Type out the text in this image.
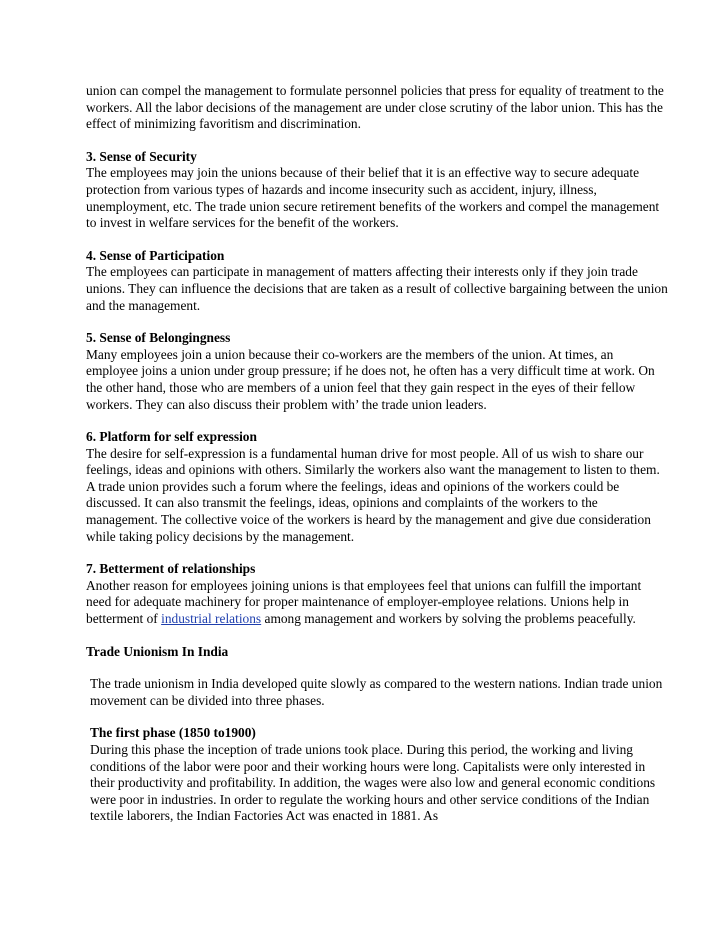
union can compel the management to formulate personnel policies that press for equality of treatment to the workers. All the labor decisions of the management are under close scrutiny of the labor union. This has the effect of minimizing favoritism and discrimination.

3. Sense of Security

The employees may join the unions because of their belief that it is an effective way to secure adequate protection from various types of hazards and income insecurity such as accident, injury, illness, unemployment, etc. The trade union secure retirement benefits of the workers and compel the management to invest in welfare services for the benefit of the workers.

4. Sense of Participation

The employees can participate in management of matters affecting their interests only if they join trade unions. They can influence the decisions that are taken as a result of collective bargaining between the union and the management.

5. Sense of Belongingness

Many employees join a union because their co-workers are the members of the union. At times, an employee joins a union under group pressure; if he does not, he often has a very difficult time at work. On the other hand, those who are members of a union feel that they gain respect in the eyes of their fellow workers. They can also discuss their problem with’ the trade union leaders.

6. Platform for self expression

The desire for self-expression is a fundamental human drive for most people. All of us wish to share our feelings, ideas and opinions with others. Similarly the workers also want the management to listen to them. A trade union provides such a forum where the feelings, ideas and opinions of the workers could be discussed. It can also transmit the feelings, ideas, opinions and complaints of the workers to the management. The collective voice of the workers is heard by the management and give due consideration while taking policy decisions by the management.

7. Betterment of relationships

Another reason for employees joining unions is that employees feel that unions can fulfill the important need for adequate machinery for proper maintenance of employer-employee relations. Unions help in betterment of industrial relations among management and workers by solving the problems peacefully.

Trade Unionism In India

The trade unionism in India developed quite slowly as compared to the western nations. Indian trade union movement can be divided into three phases.

The first phase (1850 to1900)

During this phase the inception of trade unions took place. During this period, the working and living conditions of the labor were poor and their working hours were long. Capitalists were only interested in their productivity and profitability. In addition, the wages were also low and general economic conditions were poor in industries. In order to regulate the working hours and other service conditions of the Indian textile laborers, the Indian Factories Act was enacted in 1881. As
